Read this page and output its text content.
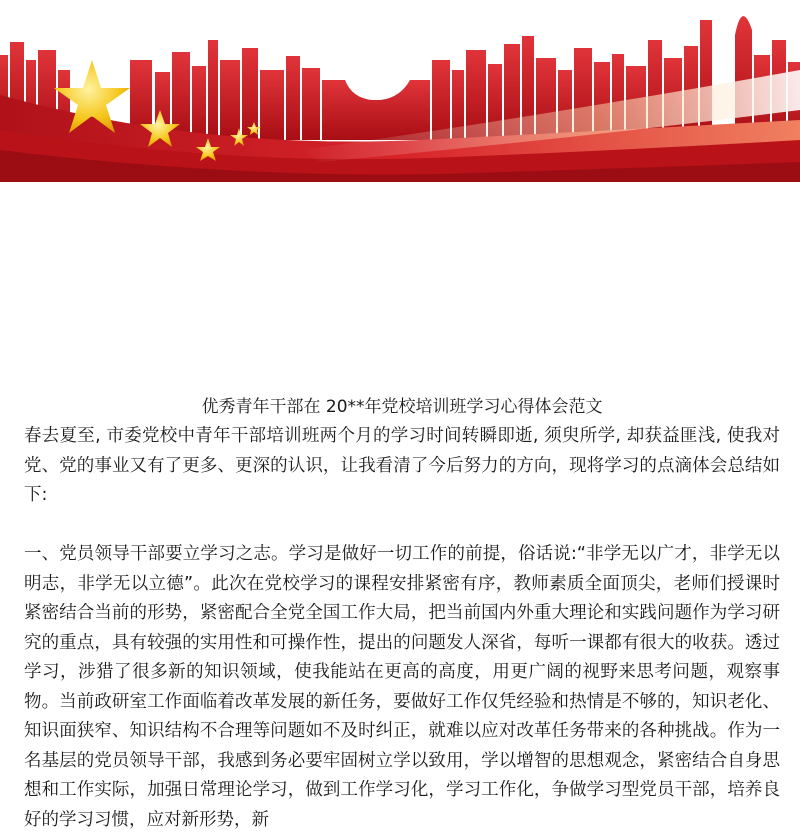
优秀青年干部在 20**年党校培训班学习心得体会范文

春去夏至, 市委党校中青年干部培训班两个月的学习时间转瞬即逝, 须臾所学, 却获益匪浅, 使我对党、党的事业又有了更多、更深的认识，让我看清了今后努力的方向，现将学习的点滴体会总结如下:

一、党员领导干部要立学习之志。学习是做好一切工作的前提，俗话说:“非学无以广才，非学无以明志，非学无以立德”。此次在党校学习的课程安排紧密有序，教师素质全面顶尖，老师们授课时紧密结合当前的形势，紧密配合全党全国工作大局，把当前国内外重大理论和实践问题作为学习研究的重点，具有较强的实用性和可操作性，提出的问题发人深省，每听一课都有很大的收获。透过学习，涉猎了很多新的知识领域，使我能站在更高的高度，用更广阔的视野来思考问题，观察事物。当前政研室工作面临着改革发展的新任务，要做好工作仅凭经验和热情是不够的，知识老化、知识面狭窄、知识结构不合理等问题如不及时纠正，就难以应对改革任务带来的各种挑战。作为一名基层的党员领导干部，我感到务必要牢固树立学以致用，学以增智的思想观念，紧密结合自身思想和工作实际，加强日常理论学习，做到工作学习化，学习工作化，争做学习型党员干部，培养良好的学习习惯，应对新形势，新
